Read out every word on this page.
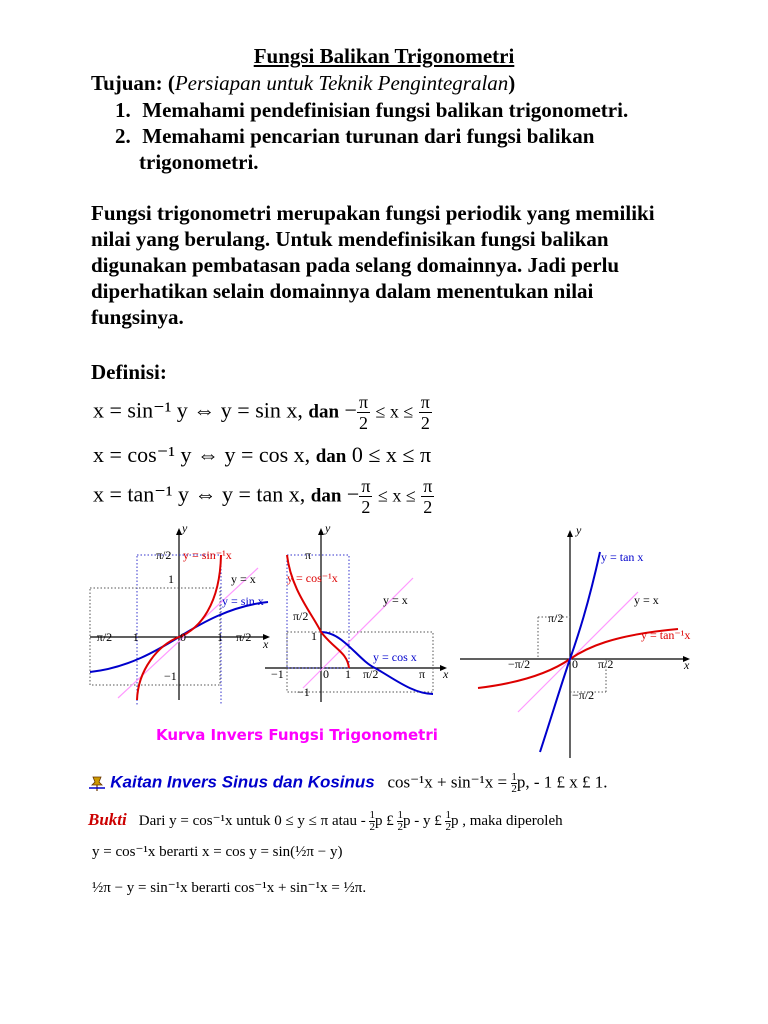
Fungsi Balikan Trigonometri
Tujuan: (Persiapan untuk Teknik Pengintegralan)
1. Memahami pendefinisian fungsi balikan trigonometri.
2. Memahami pencarian turunan dari fungsi balikan
trigonometri.
Fungsi trigonometri merupakan fungsi periodik yang memiliki
nilai yang berulang. Untuk mendefinisikan fungsi balikan
digunakan pembatasan pada selang domainnya. Jadi perlu
diperhatikan selain domainnya dalam menentukan nilai
fungsinya.
Definisi:
x = sin⁻¹ y ⇔ y = sin x, dan − $\frac{\pi}{2} \le x \le \frac{\pi}{2}$
x = cos⁻¹ y ⇔ y = cos x, dan 0 ≤ x ≤ π
x = tan⁻¹ y ⇔ y = tan x, dan − $\frac{\pi}{2} \le x \le \frac{\pi}{2}$
y
x
π/2 y = sin⁻¹x
1	y = x
y = sin x
−π/2 −1	0	1 π/2
−1
y
x
π
y = cos⁻¹x
y = x
π/2
1
y = cos x
−1	0 1 π/2	π
−1
y
x
y = tan x
y = x
π/2
y = tan⁻¹x
−π/2	0 π/2
−π/2
Kurva Invers Fungsi Trigonometri
Kaitan Invers Sinus dan Kosinus $\cos^{-1}x + \sin^{-1}x = \frac{1}{2} p$, - 1 £ x £ 1.
Bukti Dari y = cos⁻¹x untuk 0 ≤ y ≤ π atau - $\frac{1}{2}$ p £ $\frac{1}{2}$ p - y £ $\frac{1}{2}$ p , maka diperoleh
y = cos⁻¹x berarti x = cos y = sin(½π − y)
½π − y = sin⁻¹x berarti cos⁻¹x + sin⁻¹x = ½π.
